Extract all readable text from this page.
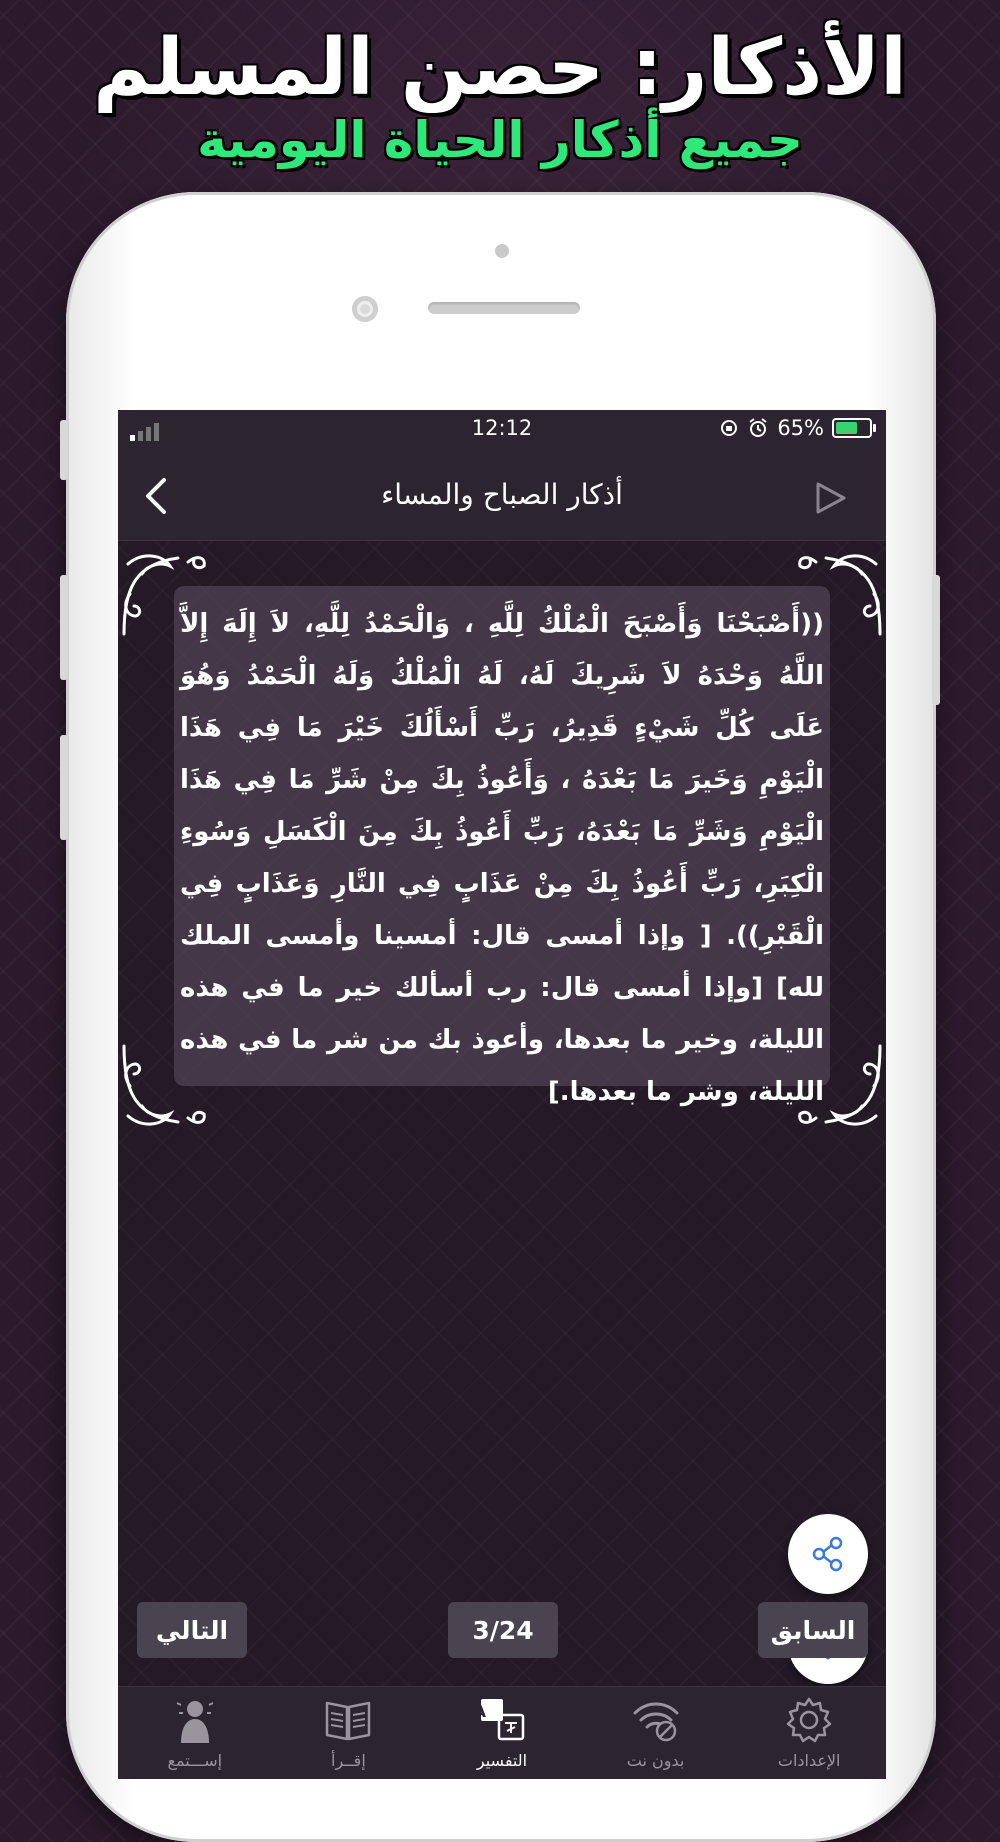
الأذكار: حصن المسلم
جميع أذكار الحياة اليومية
12:12	65%
أذكار الصباح والمساء
((أَصْبَحْنَا وَأَصْبَحَ الْمُلْكُ لِلَّهِ ، وَالْحَمْدُ لِلَّهِ، لاَ إِلَهَ إِلاَّ اللَّهُ وَحْدَهُ لاَ شَرِيكَ لَهُ، لَهُ الْمُلْكُ وَلَهُ الْحَمْدُ وَهُوَ عَلَى كُلِّ شَيْءٍ قَدِيرُ، رَبِّ أَسْأَلُكَ خَيْرَ مَا فِي هَذَا الْيَوْمِ وَخَيرَ مَا بَعْدَهُ ، وَأَعُوذُ بِكَ مِنْ شَرِّ مَا فِي هَذَا الْيَوْمِ وَشَرِّ مَا بَعْدَهُ، رَبِّ أَعُوذُ بِكَ مِنَ الْكَسَلِ وَسُوءِ الْكِبَرِ، رَبِّ أَعُوذُ بِكَ مِنْ عَذَابٍ فِي النَّارِ وَعَذَابٍ فِي الْقَبْرِ)). [ وإذا أمسى قال: أمسينا وأمسى الملك لله] [وإذا أمسى قال: رب أسألك خير ما في هذه الليلة، وخير ما بعدها، وأعوذ بك من شر ما في هذه الليلة، وشر ما بعدها.]
التالي	3/24	السابق
إســـتمع	إقــرأ
A
التفسير	بدون نت	الإعدادات
